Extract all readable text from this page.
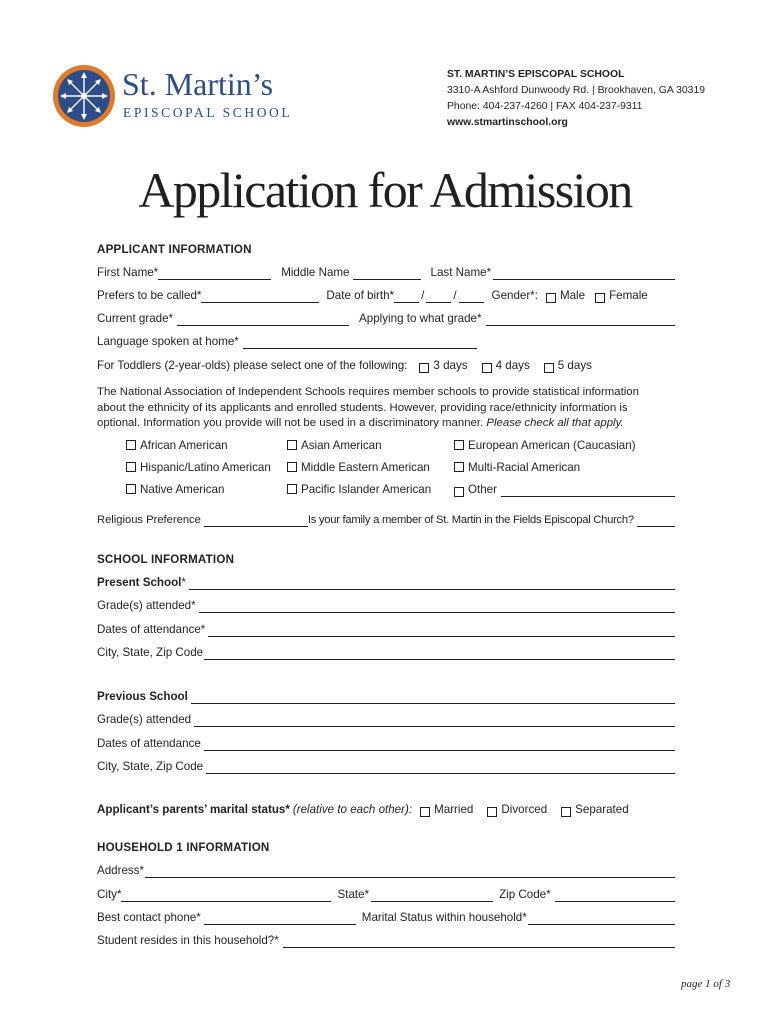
St. Martin’s
EPISCOPAL SCHOOL
ST. MARTIN’S EPISCOPAL SCHOOL
3310-A Ashford Dunwoody Rd. | Brookhaven, GA 30319
Phone: 404-237-4260 | FAX 404-237-9311
www.stmartinschool.org
Application for Admission
APPLICANT INFORMATION
First Name*	Middle Name	Last Name*
Prefers to be called*	Date of birth* /	/	Gender*: Male Female
Current grade*	Applying to what grade*
Language spoken at home*
For Toddlers (2-year-olds) please select one of the following: 3 days 4 days 5 days
The National Association of Independent Schools requires member schools to provide statistical information
about the ethnicity of its applicants and enrolled students. However, providing race/ethnicity information is
optional. Information you provide will not be used in a discriminatory manner. Please check all that apply.
African American	Asian American	European American (Caucasian)
Hispanic/Latino American	Middle Eastern American	Multi-Racial American
Native American	Pacific Islander American	Other
Religious Preference	Is your family a member of St. Martin in the Fields Episcopal Church?
SCHOOL INFORMATION
Present School *
Grade(s) attended*
Dates of attendance*
City, State, Zip Code
Previous School
Grade(s) attended
Dates of attendance
City, State, Zip Code
Applicant’s parents’ marital status* (relative to each other): Married Divorced Separated
HOUSEHOLD 1 INFORMATION
Address*
City*	State*	Zip Code*
Best contact phone*	Marital Status within household*
Student resides in this household?*
page 1 of 3
